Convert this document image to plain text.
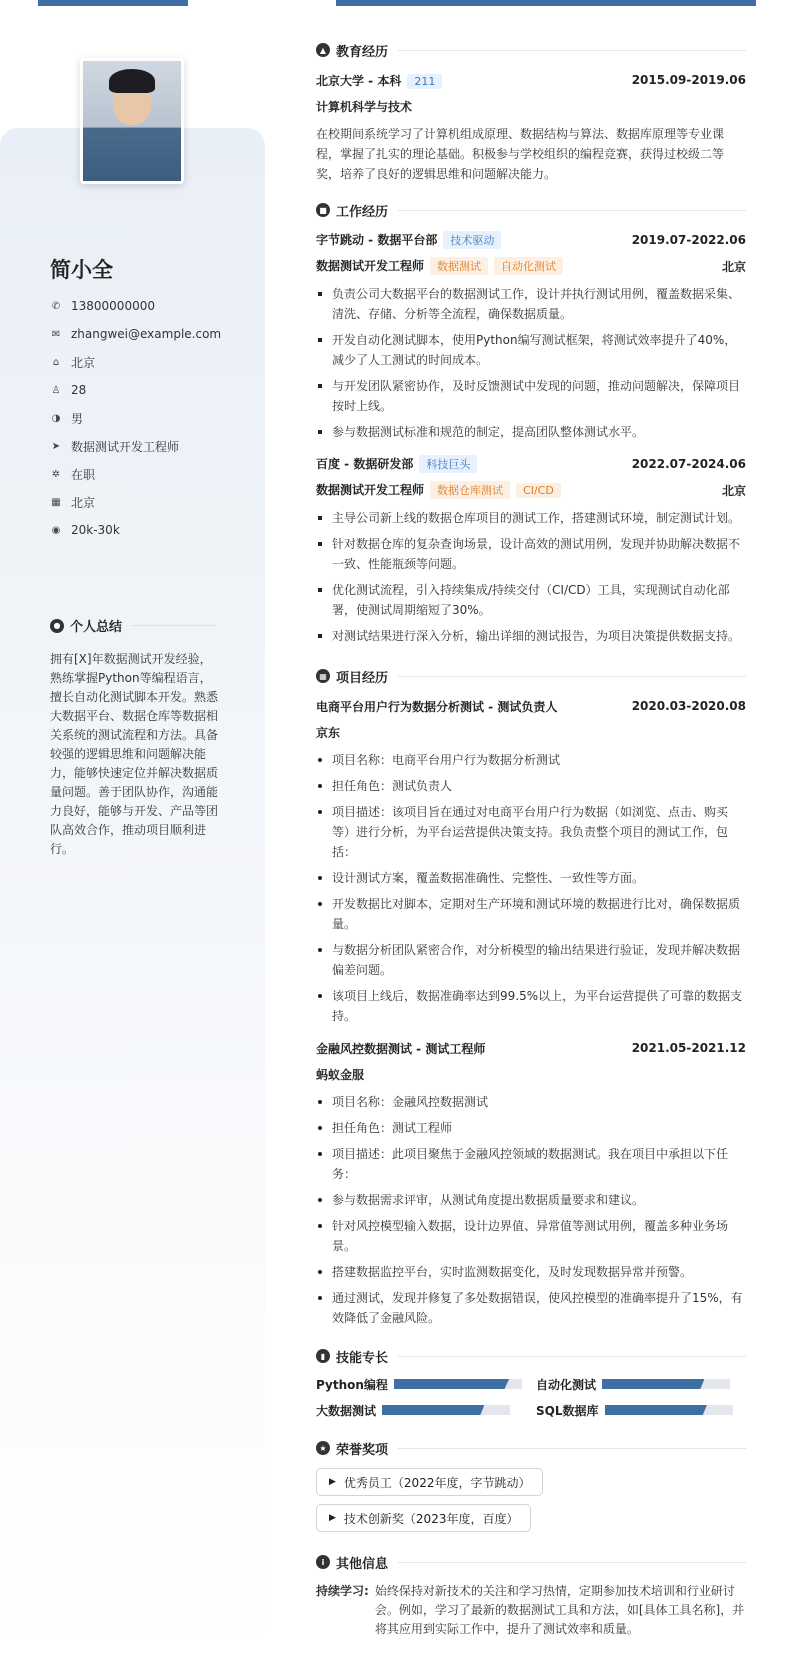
简小全
✆ 13800000000
✉ zhangwei@example.com
⌂ 北京
♙ 28
◑ 男
➤ 数据测试开发工程师
✲ 在职
▦ 北京
◉ 20k-30k
● 个人总结
拥有[X]年数据测试开发经验，熟练掌握Python等编程语言，擅长自动化测试脚本开发。熟悉大数据平台、数据仓库等数据相关系统的测试流程和方法。具备较强的逻辑思维和问题解决能力，能够快速定位并解决数据质量问题。善于团队协作，沟通能力良好，能够与开发、产品等团队高效合作，推动项目顺利进行。
▲ 教育经历
北京大学 - 本科 211	2015.09-2019.06
计算机科学与技术
在校期间系统学习了计算机组成原理、数据结构与算法、数据库原理等专业课程，掌握了扎实的理论基础。积极参与学校组织的编程竞赛，获得过校级二等奖，培养了良好的逻辑思维和问题解决能力。
■ 工作经历
字节跳动 - 数据平台部 技术驱动	2019.07-2022.06
数据测试开发工程师 数据测试 自动化测试	北京
负责公司大数据平台的数据测试工作，设计并执行测试用例，覆盖数据采集、清洗、存储、分析等全流程，确保数据质量。
开发自动化测试脚本，使用Python编写测试框架，将测试效率提升了40%，减少了人工测试的时间成本。
与开发团队紧密协作，及时反馈测试中发现的问题，推动问题解决，保障项目按时上线。
参与数据测试标准和规范的制定，提高团队整体测试水平。
百度 - 数据研发部 科技巨头	2022.07-2024.06
数据测试开发工程师 数据仓库测试 CI/CD	北京
主导公司新上线的数据仓库项目的测试工作，搭建测试环境，制定测试计划。
针对数据仓库的复杂查询场景，设计高效的测试用例，发现并协助解决数据不一致、性能瓶颈等问题。
优化测试流程，引入持续集成/持续交付（CI/CD）工具，实现测试自动化部署，使测试周期缩短了30%。
对测试结果进行深入分析，输出详细的测试报告，为项目决策提供数据支持。
▦ 项目经历
电商平台用户行为数据分析测试 - 测试负责人	2020.03-2020.08
京东
项目名称：电商平台用户行为数据分析测试
担任角色：测试负责人
项目描述：该项目旨在通过对电商平台用户行为数据（如浏览、点击、购买等）进行分析，为平台运营提供决策支持。我负责整个项目的测试工作，包括：
设计测试方案，覆盖数据准确性、完整性、一致性等方面。
开发数据比对脚本，定期对生产环境和测试环境的数据进行比对，确保数据质量。
与数据分析团队紧密合作，对分析模型的输出结果进行验证，发现并解决数据偏差问题。
该项目上线后，数据准确率达到99.5%以上，为平台运营提供了可靠的数据支持。
金融风控数据测试 - 测试工程师	2021.05-2021.12
蚂蚁金服
项目名称：金融风控数据测试
担任角色：测试工程师
项目描述：此项目聚焦于金融风控领域的数据测试。我在项目中承担以下任务：
参与数据需求评审，从测试角度提出数据质量要求和建议。
针对风控模型输入数据，设计边界值、异常值等测试用例，覆盖多种业务场景。
搭建数据监控平台，实时监测数据变化，及时发现数据异常并预警。
通过测试，发现并修复了多处数据错误，使风控模型的准确率提升了15%，有效降低了金融风险。
▮ 技能专长
Python编程	自动化测试
大数据测试	SQL数据库
★ 荣誉奖项
▶ 优秀员工（2022年度，字节跳动）

▶ 技术创新奖（2023年度，百度）
i 其他信息
持续学习: 始终保持对新技术的关注和学习热情，定期参加技术培训和行业研讨会。例如，学习了最新的数据测试工具和方法，如[具体工具名称]，并将其应用到实际工作中，提升了测试效率和质量。
